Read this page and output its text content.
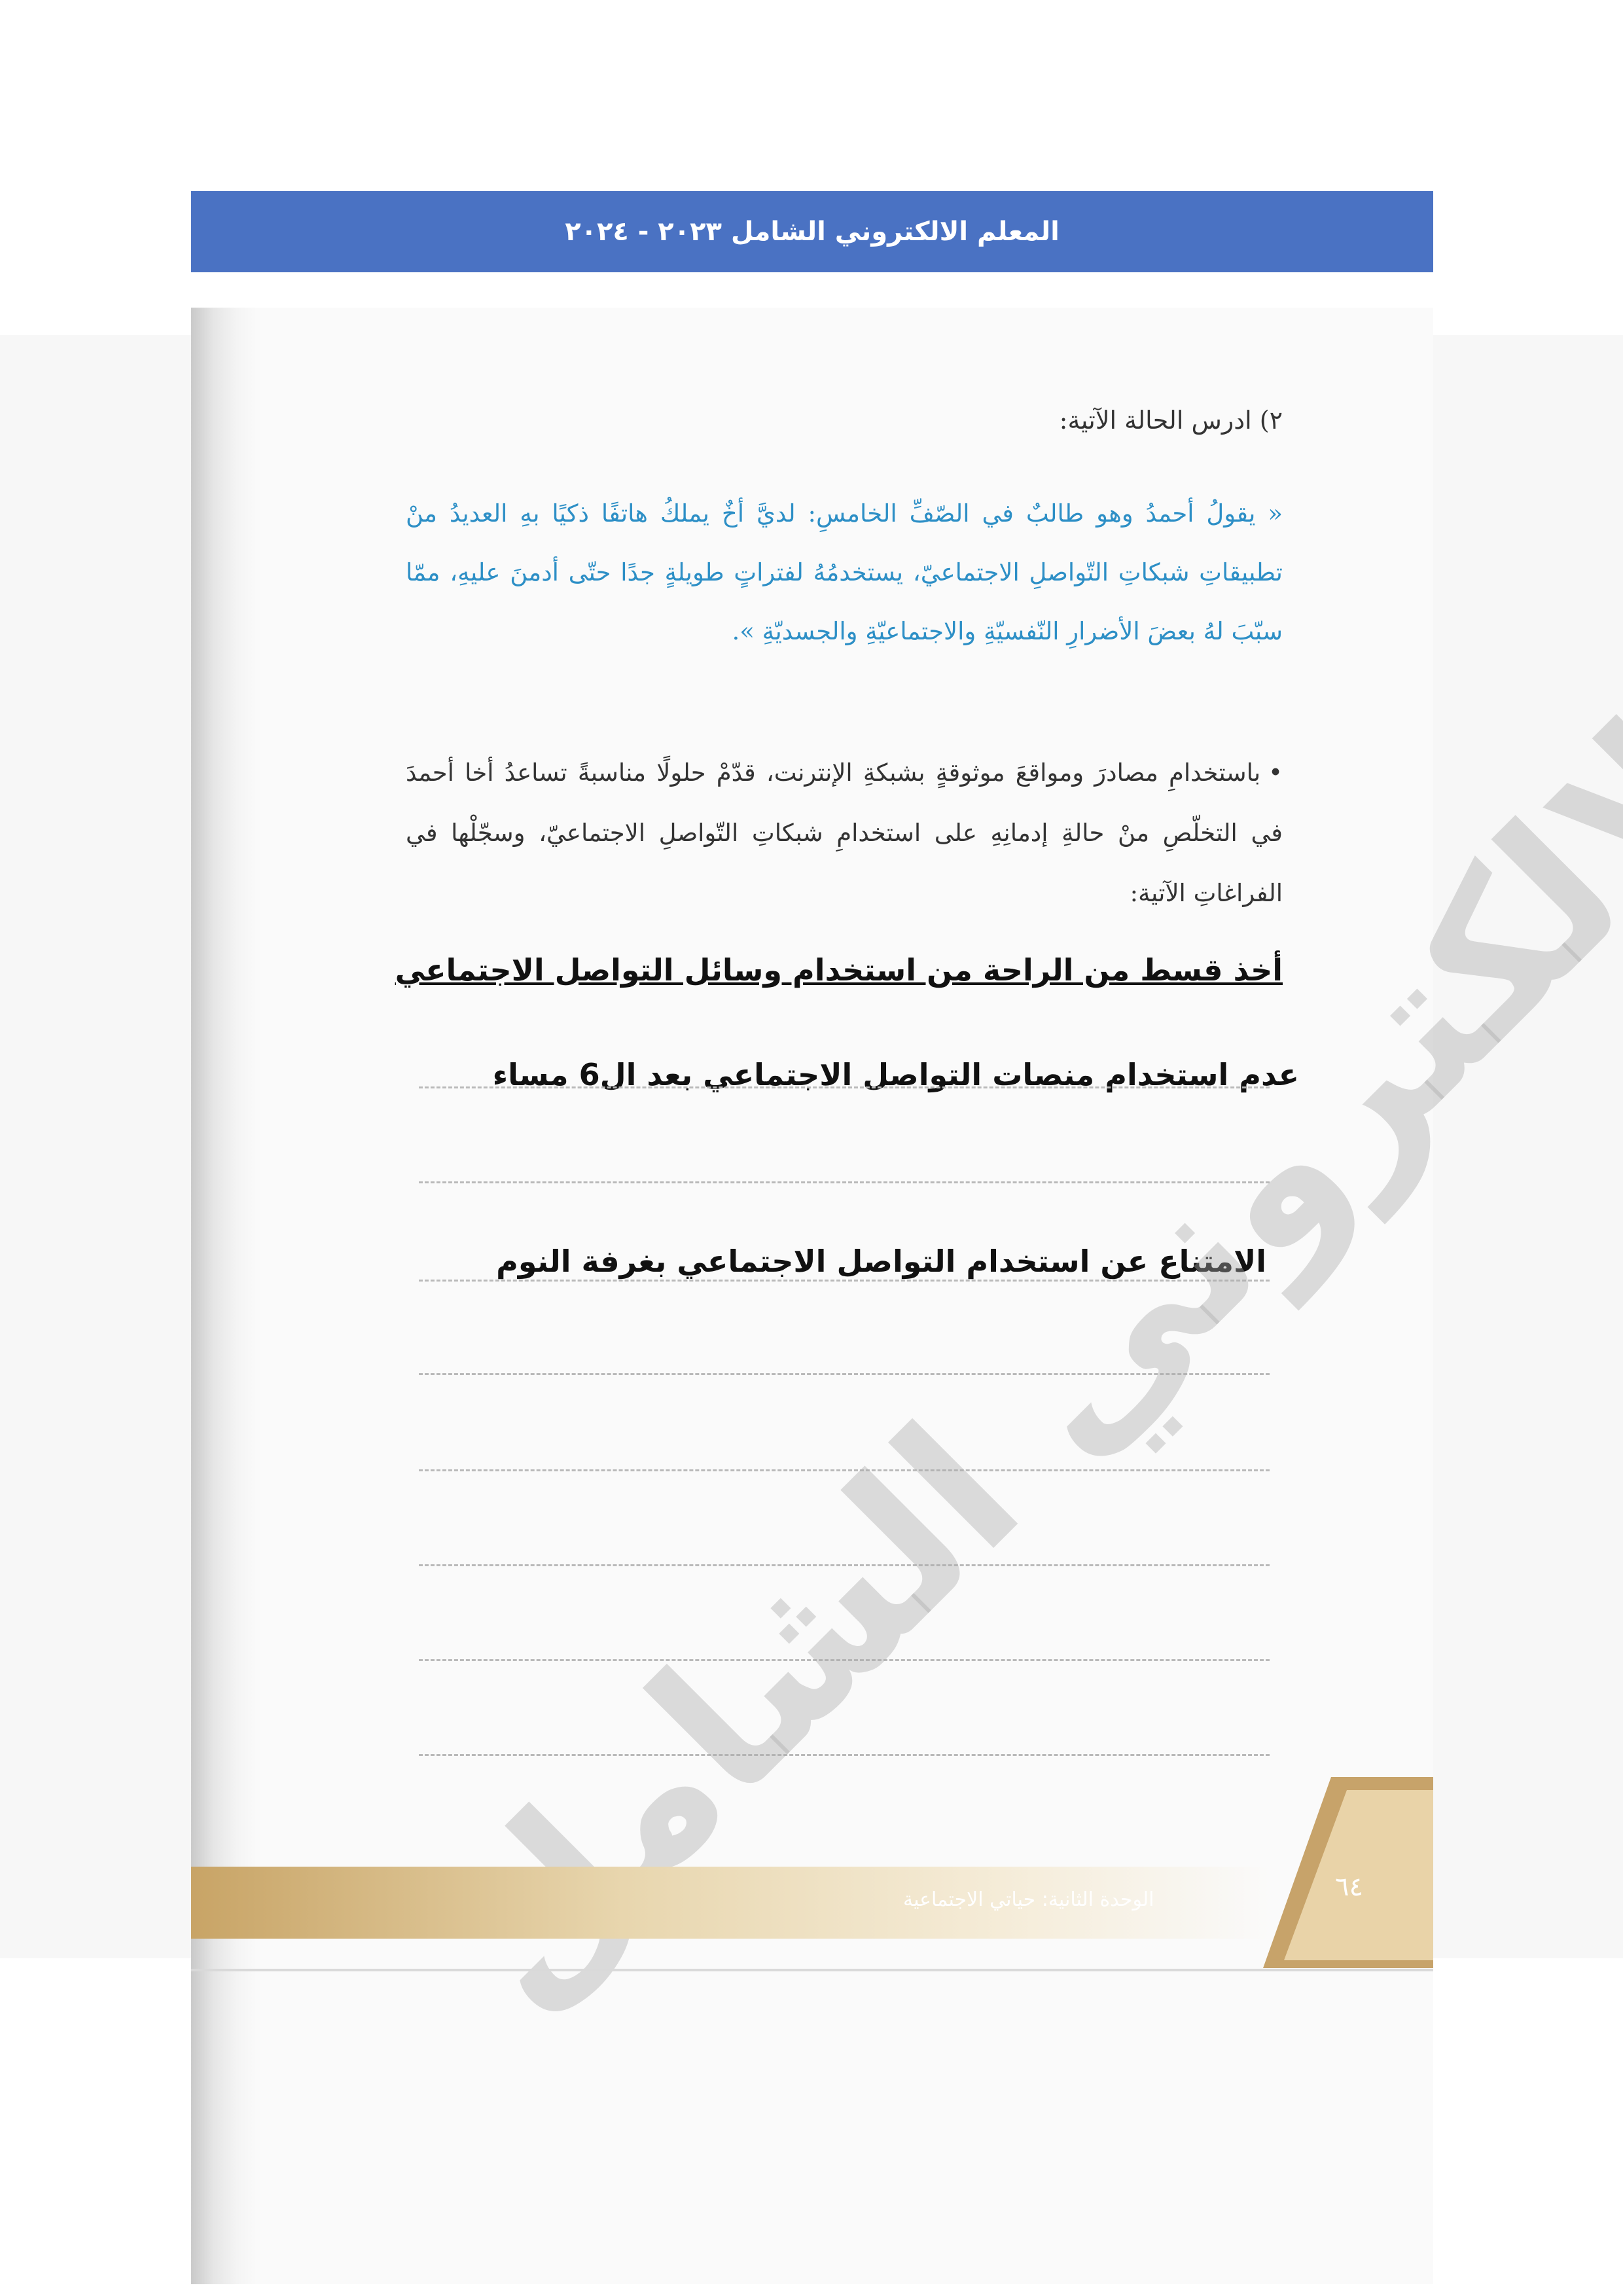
المعلم الالكتروني الشامل ٢٠٢٣ - ٢٠٢٤
٢) ادرس الحالة الآتية:
« يقولُ أحمدُ وهو طالبٌ في الصّفِّ الخامسِ: لديَّ أخٌ يملكُ هاتفًا ذكيًا بهِ العديدُ منْ تطبيقاتِ شبكاتِ التّواصلِ الاجتماعيّ، يستخدمُهُ لفتراتٍ طويلةٍ جدًا حتّى أدمنَ عليهِ، ممّا سبّبَ لهُ بعضَ الأضرارِ النّفسيّةِ والاجتماعيّةِ والجسديّةِ ».
•باستخدامِ مصادرَ ومواقعَ موثوقةٍ بشبكةِ الإنترنت، قدّمْ حلولًا مناسبةً تساعدُ أخا أحمدَ في التخلّصِ منْ حالةِ إدمانِهِ على استخدامِ شبكاتِ التّواصلِ الاجتماعيّ، وسجّلْها في الفراغاتِ الآتية:
أخذ قسط من الراحة من استخدام وسائل التواصل الاجتماعي
عدم استخدام منصات التواصل الاجتماعي بعد ال6 مساء
الامتناع عن استخدام التواصل الاجتماعي بغرفة النوم
الالكتروني الشامل
الوحدة الثانية: حياتي الاجتماعية	٦٤
